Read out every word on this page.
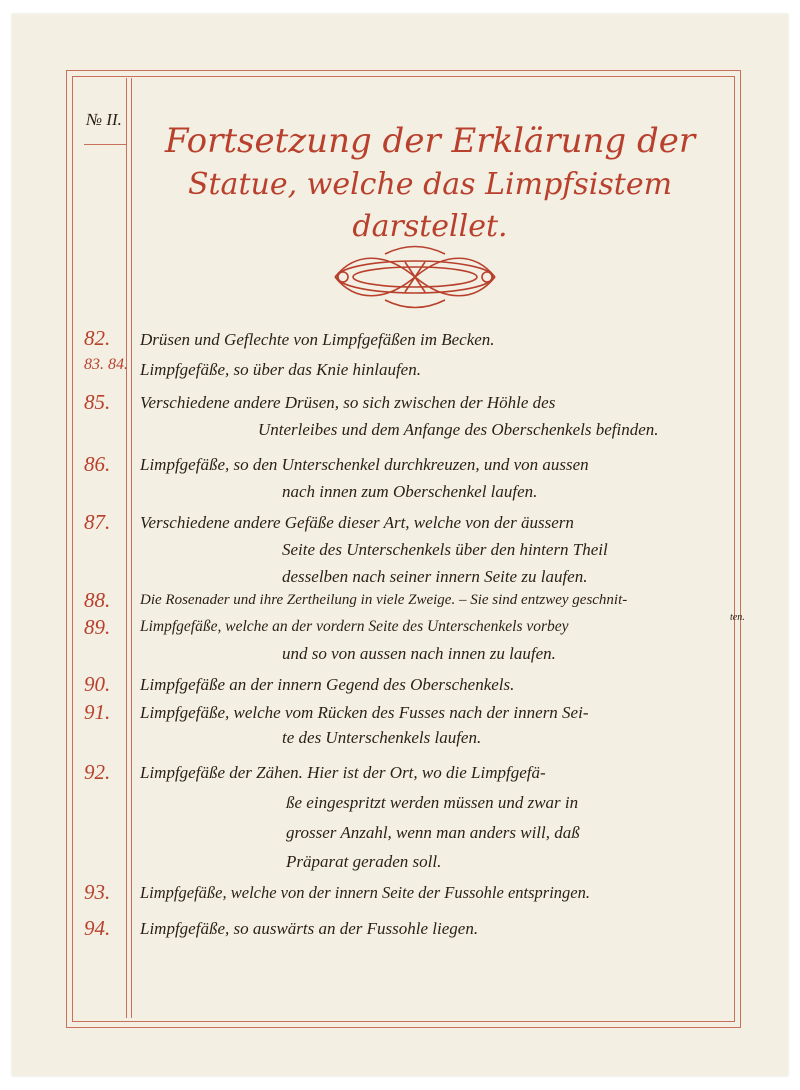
№ II.
Fortsetzung der Erklärung der
Statue, welche das Limpfsistem darstellet.
82.	Drüsen und Geflechte von Limpfgefäßen im Becken.
83. 84. Limpfgefäße, so über das Knie hinlaufen.
85.	Verschiedene andere Drüsen, so sich zwischen der Höhle des
Unterleibes und dem Anfange des Oberschenkels befinden.
86.	Limpfgefäße, so den Unterschenkel durchkreuzen, und von aussen
nach innen zum Oberschenkel laufen.
87.	Verschiedene andere Gefäße dieser Art, welche von der äussern
Seite des Unterschenkels über den hintern Theil
desselben nach seiner innern Seite zu laufen.
88.	Die Rosenader und ihre Zertheilung in viele Zweige. – Sie sind entzwey geschnit-
ten.
89.	Limpfgefäße, welche an der vordern Seite des Unterschenkels vorbey
und so von aussen nach innen zu laufen.
90.	Limpfgefäße an der innern Gegend des Oberschenkels.
91.	Limpfgefäße, welche vom Rücken des Fusses nach der innern Sei-
te des Unterschenkels laufen.
92.	Limpfgefäße der Zähen. Hier ist der Ort, wo die Limpfgefä-
ße eingespritzt werden müssen und zwar in
grosser Anzahl, wenn man anders will, daß
Präparat geraden soll.
93.	Limpfgefäße, welche von der innern Seite der Fussohle entspringen.
94.	Limpfgefäße, so auswärts an der Fussohle liegen.
